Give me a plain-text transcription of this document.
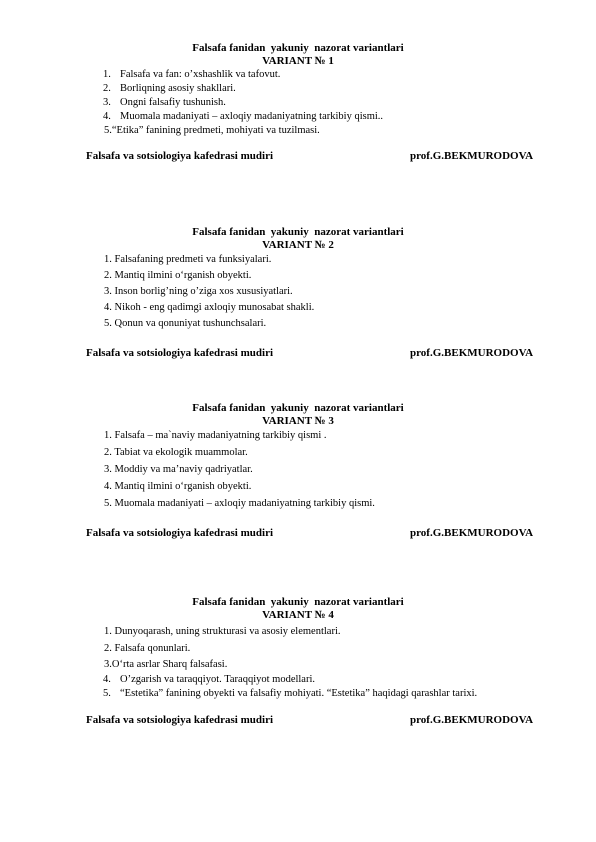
Falsafa fanidan  yakuniy  nazorat variantlari
VARIANT № 1
1. Falsafa va fan: o’xshashlik va tafovut.
2. Borliqning asosiy shakllari.
3. Ongni falsafiy tushunish.
4. Muomala madaniyati – axloqiy madaniyatning tarkibiy qismi..
5.“Etika” fanining predmeti, mohiyati va tuzilmasi.
Falsafa va sotsiologiya kafedrasi mudiri	prof.G.BEKMURODOVA
Falsafa fanidan  yakuniy  nazorat variantlari
VARIANT № 2
1. Falsafaning predmeti va funksiyalari.
2. Mantiq ilmini o‘rganish obyekti.
3. Inson borlig’ning o’ziga xos xususiyatlari.
4. Nikoh - eng qadimgi axloqiy munosabat shakli.
5. Qonun va qonuniyat tushunchsalari.
Falsafa va sotsiologiya kafedrasi mudiri	prof.G.BEKMURODOVA
Falsafa fanidan  yakuniy  nazorat variantlari
VARIANT № 3
1. Falsafa – ma`naviy madaniyatning tarkibiy qismi .
2. Tabiat va ekologik muammolar.
3. Moddiy va ma’naviy qadriyatlar.
4. Mantiq ilmini o‘rganish obyekti.
5. Muomala madaniyati – axloqiy madaniyatning tarkibiy qismi.
Falsafa va sotsiologiya kafedrasi mudiri	prof.G.BEKMURODOVA
Falsafa fanidan  yakuniy  nazorat variantlari
VARIANT № 4
1. Dunyoqarash, uning strukturasi va asosiy elementlari.
2. Falsafa qonunlari.
3.O‘rta asrlar Sharq falsafasi.
4. O’zgarish va taraqqiyot. Taraqqiyot modellari.
5. “Estetika” fanining obyekti va falsafiy mohiyati. “Estetika” haqidagi qarashlar tarixi.
Falsafa va sotsiologiya kafedrasi mudiri	prof.G.BEKMURODOVA
